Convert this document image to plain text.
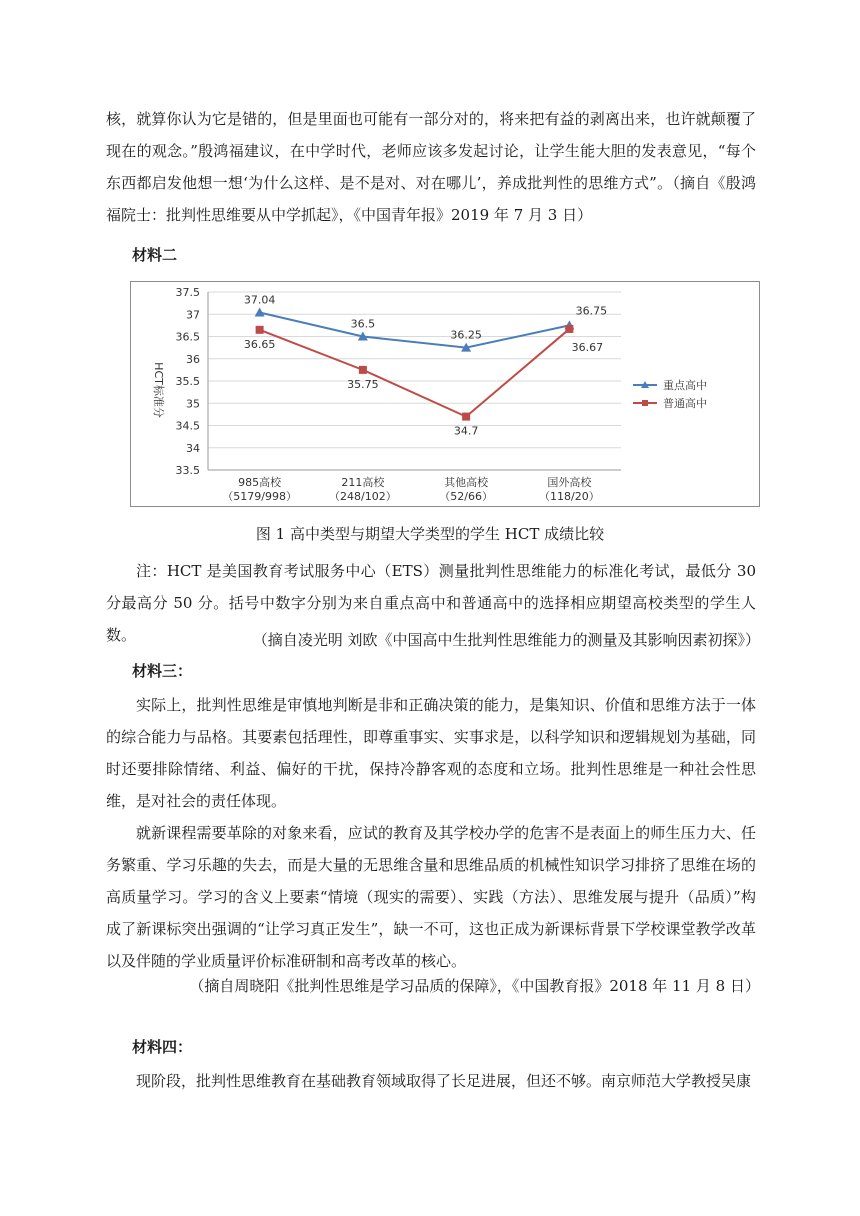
核，就算你认为它是错的，但是里面也可能有一部分对的，将来把有益的剥离出来，也许就颠覆了现在的观念。”殷鸿福建议，在中学时代，老师应该多发起讨论，让学生能大胆的发表意见，“每个东西都启发他想一想‘为什么这样、是不是对、对在哪儿’，养成批判性的思维方式”。（摘自《殷鸿福院士：批判性思维要从中学抓起》，《中国青年报》2019 年 7 月 3 日）

材料二

37.5
37
36.5
36
35.5
35
34.5
34
33.5
HCT标准分
985高校
（5179/998）
211高校
（248/102）
其他高校
（52/66）
国外高校
（118/20）
37.04
36.5
36.25
36.75
36.65
35.75
34.7
36.67
重点高中
普通高中

图 1 高中类型与期望大学类型的学生 HCT 成绩比较

注：HCT 是美国教育考试服务中心（ETS）测量批判性思维能力的标准化考试，最低分 30 分最高分 50 分。括号中数字分别为来自重点高中和普通高中的选择相应期望高校类型的学生人数。	（摘自凌光明 刘欧《中国高中生批判性思维能力的测量及其影响因素初探》）

材料三：

实际上，批判性思维是审慎地判断是非和正确决策的能力，是集知识、价值和思维方法于一体的综合能力与品格。其要素包括理性，即尊重事实、实事求是，以科学知识和逻辑规划为基础，同时还要排除情绪、利益、偏好的干扰，保持冷静客观的态度和立场。批判性思维是一种社会性思维，是对社会的责任体现。

就新课程需要革除的对象来看，应试的教育及其学校办学的危害不是表面上的师生压力大、任务繁重、学习乐趣的失去，而是大量的无思维含量和思维品质的机械性知识学习排挤了思维在场的高质量学习。学习的含义上要素“情境（现实的需要）、实践（方法）、思维发展与提升（品质）”构成了新课标突出强调的“让学习真正发生”，缺一不可，这也正成为新课标背景下学校课堂教学改革以及伴随的学业质量评价标准研制和高考改革的核心。

（摘自周晓阳《批判性思维是学习品质的保障》，《中国教育报》2018 年 11 月 8 日）

材料四：

现阶段，批判性思维教育在基础教育领域取得了长足进展，但还不够。南京师范大学教授吴康
